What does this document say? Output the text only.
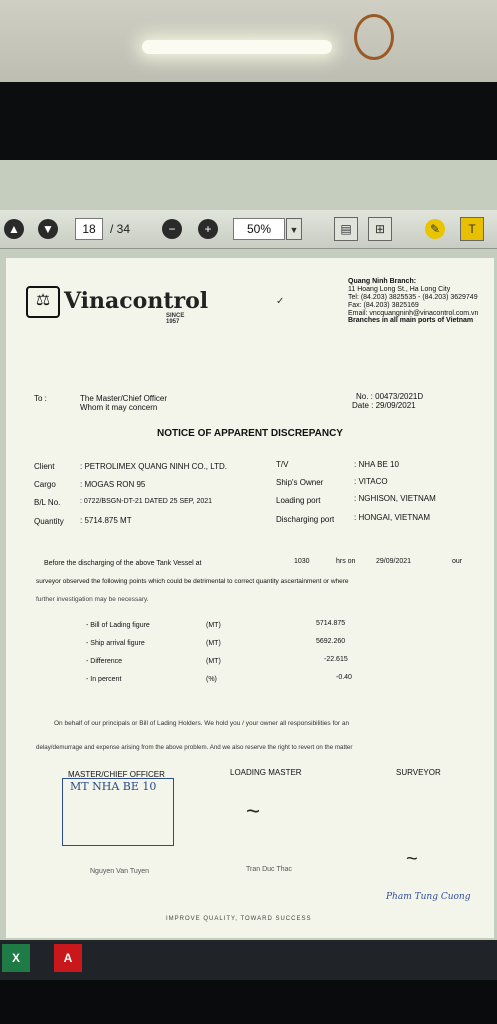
▲	▼	18	/ 34	−	+	50%	▼	▤	⊞	✎	T
⚖ Vinacontrol
SINCE 1957
✓
Quang Ninh Branch:
11 Hoang Long St., Ha Long City
Tel: (84.203) 3825535 - (84.203) 3629749
Fax: (84.203) 3825169
Email: vncquangninh@vinacontrol.com.vn
Branches in all main ports of Vietnam
To :	The Master/Chief Officer
Whom it may concern
No. : 00473/2021D
Date : 29/09/2021
NOTICE OF APPARENT DISCREPANCY
Client	: PETROLIMEX QUANG NINH CO., LTD.	T/V	: NHA BE 10
Cargo	: MOGAS RON 95	Ship's Owner	: VITACO
B/L No.	: 0722/BSGN-DT-21 DATED 25 SEP, 2021	Loading port	: NGHISON, VIETNAM
Quantity : 5714.875 MT	Discharging port : HONGAI, VIETNAM
Before the discharging of the above Tank Vessel at	1030	hrs on	29/09/2021	our
surveyor observed the following points which could be detrimental to correct quantity ascertainment or where
further investigation may be necessary.
- Bill of Lading figure	(MT)	5714.875
- Ship arrival figure	(MT)	5692.260
- Difference	(MT)	-22.615
- In percent	(%)	-0.40
On behalf of our principals or Bill of Lading Holders. We hold you / your owner all responsibilities for an
delay/demurrage and expense arising from the above problem. And we also reserve the right to revert on the matter
MASTER/CHIEF OFFICER	LOADING MASTER	SURVEYOR
MT NHA BE 10
~
~
Nguyen Van Tuyen	Tran Duc Thac
Pham Tung Cuong
IMPROVE QUALITY, TOWARD SUCCESS
X	A
